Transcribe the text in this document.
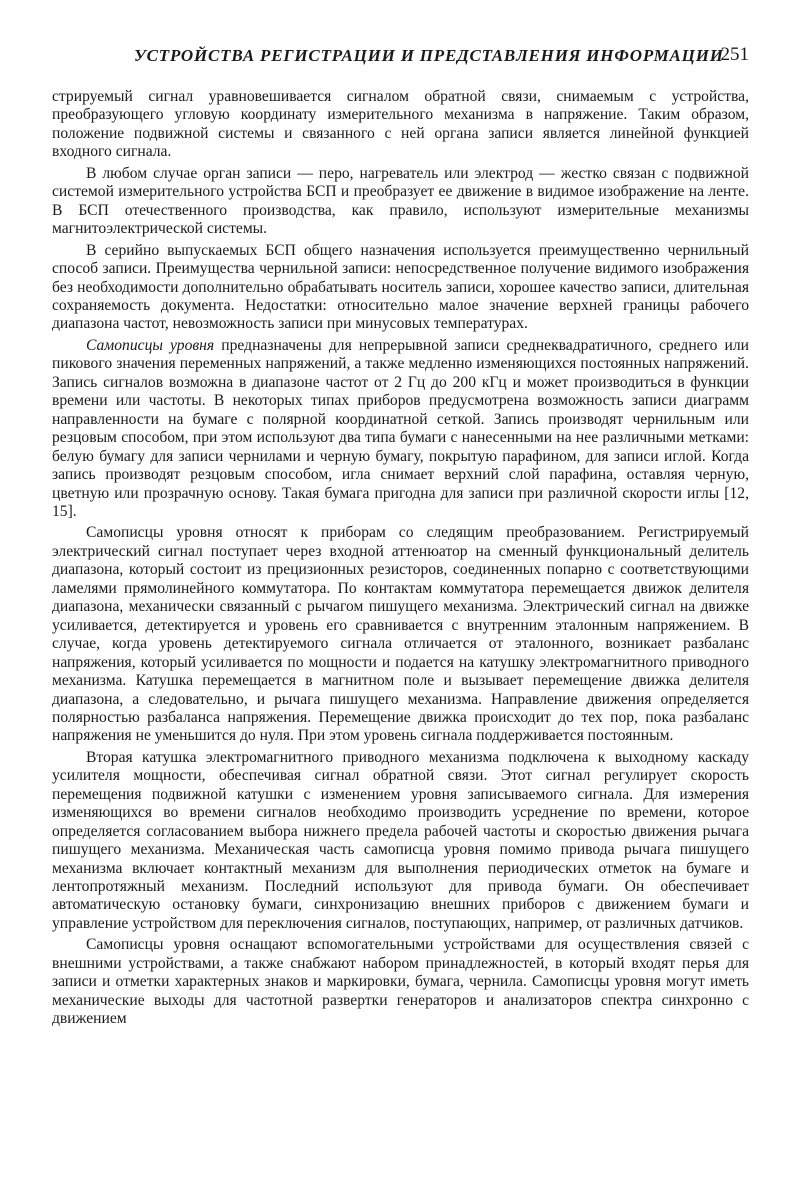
УСТРОЙСТВА РЕГИСТРАЦИИ И ПРЕДСТАВЛЕНИЯ ИНФОРМАЦИИ
251

стрируемый сигнал уравновешивается сигналом обратной связи, снимаемым с устройства, преобразующего угловую координату измерительного механизма в напряжение. Таким образом, положение подвижной системы и связанного с ней органа записи является линейной функцией входного сигнала.

В любом случае орган записи — перо, нагреватель или электрод — жестко связан с подвижной системой измерительного устройства БСП и преобразует ее движение в видимое изображение на ленте. В БСП отечественного производства, как правило, используют измерительные механизмы магнитоэлектрической системы.

В серийно выпускаемых БСП общего назначения используется преимущественно чернильный способ записи. Преимущества чернильной записи: непосредственное получение видимого изображения без необходимости дополнительно обрабатывать носитель записи, хорошее качество записи, длительная сохраняемость документа. Недостатки: относительно малое значение верхней границы рабочего диапазона частот, невозможность записи при минусовых температурах.

Самописцы уровня предназначены для непрерывной записи среднеквадратичного, среднего или пикового значения переменных напряжений, а также медленно изменяющихся постоянных напряжений. Запись сигналов возможна в диапазоне частот от 2 Гц до 200 кГц и может производиться в функции времени или частоты. В некоторых типах приборов предусмотрена возможность записи диаграмм направленности на бумаге с полярной координатной сеткой. Запись производят чернильным или резцовым способом, при этом используют два типа бумаги с нанесенными на нее различными метками: белую бумагу для записи чернилами и черную бумагу, покрытую парафином, для записи иглой. Когда запись производят резцовым способом, игла снимает верхний слой парафина, оставляя черную, цветную или прозрачную основу. Такая бумага пригодна для записи при различной скорости иглы [12, 15].

Самописцы уровня относят к приборам со следящим преобразованием. Регистрируемый электрический сигнал поступает через входной аттенюатор на сменный функциональный делитель диапазона, который состоит из прецизионных резисторов, соединенных попарно с соответствующими ламелями прямолинейного коммутатора. По контактам коммутатора перемещается движок делителя диапазона, механически связанный с рычагом пишущего механизма. Электрический сигнал на движке усиливается, детектируется и уровень его сравнивается с внутренним эталонным напряжением. В случае, когда уровень детектируемого сигнала отличается от эталонного, возникает разбаланс напряжения, который усиливается по мощности и подается на катушку электромагнитного приводного механизма. Катушка перемещается в магнитном поле и вызывает перемещение движка делителя диапазона, а следовательно, и рычага пишущего механизма. Направление движения определяется полярностью разбаланса напряжения. Перемещение движка происходит до тех пор, пока разбаланс напряжения не уменьшится до нуля. При этом уровень сигнала поддерживается постоянным.

Вторая катушка электромагнитного приводного механизма подключена к выходному каскаду усилителя мощности, обеспечивая сигнал обратной связи. Этот сигнал регулирует скорость перемещения подвижной катушки с изменением уровня записываемого сигнала. Для измерения изменяющихся во времени сигналов необходимо производить усреднение по времени, которое определяется согласованием выбора нижнего предела рабочей частоты и скоростью движения рычага пишущего механизма. Механическая часть самописца уровня помимо привода рычага пишущего механизма включает контактный механизм для выполнения периодических отметок на бумаге и лентопротяжный механизм. Последний используют для привода бумаги. Он обеспечивает автоматическую остановку бумаги, синхронизацию внешних приборов с движением бумаги и управление устройством для переключения сигналов, поступающих, например, от различных датчиков.

Самописцы уровня оснащают вспомогательными устройствами для осуществления связей с внешними устройствами, а также снабжают набором принадлежностей, в который входят перья для записи и отметки характерных знаков и маркировки, бумага, чернила. Самописцы уровня могут иметь механические выходы для частотной развертки генераторов и анализаторов спектра синхронно с движением
